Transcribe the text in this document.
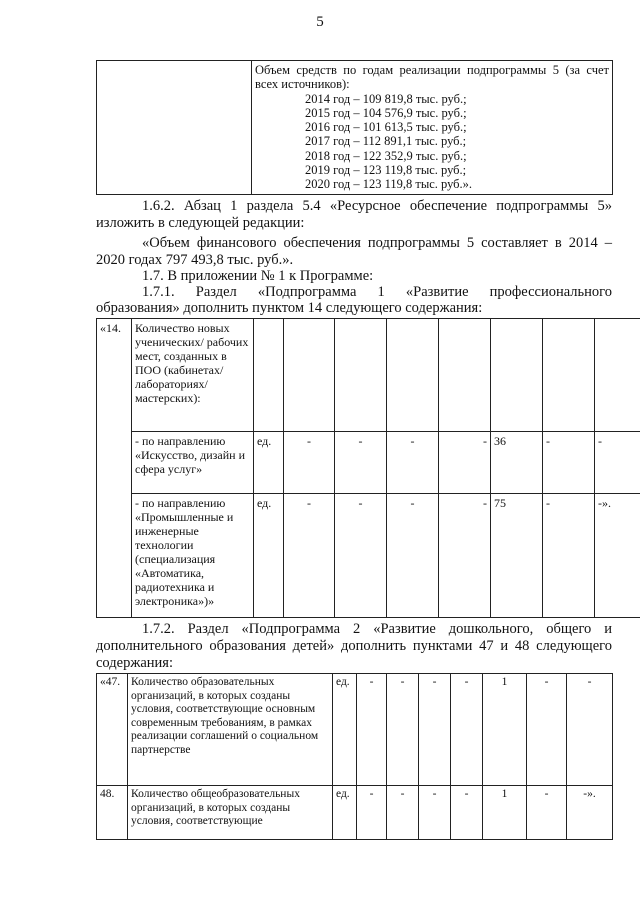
5

Объем средств по годам реализации подпрограммы 5 (за счет всех источников):
2014 год – 109 819,8 тыс. руб.;
2015 год – 104 576,9 тыс. руб.;
2016 год – 101 613,5 тыс. руб.;
2017 год – 112 891,1 тыс. руб.;
2018 год – 122 352,9 тыс. руб.;
2019 год – 123 119,8 тыс. руб.;
2020 год – 123 119,8 тыс. руб.».

1.6.2. Абзац 1 раздела 5.4 «Ресурсное обеспечение подпрограммы 5»

изложить в следующей редакции:

«Объем финансового обеспечения подпрограммы 5 составляет в 2014 –

2020 годах 797 493,8 тыс. руб.».

1.7. В приложении № 1 к Программе:

1.7.1. Раздел «Подпрограмма 1 «Развитие профессионального

образования» дополнить пунктом 14 следующего содержания:

«14.	Количество новых ученических/ рабочих мест, созданных в ПОО (кабинетах/ лабораториях/ мастерских):								
	- по направлению «Искусство, дизайн и сфера услуг»	ед.	-	-	-	-	36	-	-
	- по направлению «Промышленные и инженерные технологии (специализация «Автоматика, радиотехника и электроника»)»	ед.	-	-	-	-	75	-	-».

1.7.2. Раздел «Подпрограмма 2 «Развитие дошкольного, общего и

дополнительного образования детей» дополнить пунктами 47 и 48 следующего

содержания:

«47.	Количество образовательных организаций, в которых созданы условия, соответствующие основным современным требованиям, в рамках реализации соглашений о социальном партнерстве	ед.	-	-	-	-	1	-	-
48.	Количество общеобразовательных организаций, в которых созданы условия, соответствующие	ед.	-	-	-	-	1	-	-».
